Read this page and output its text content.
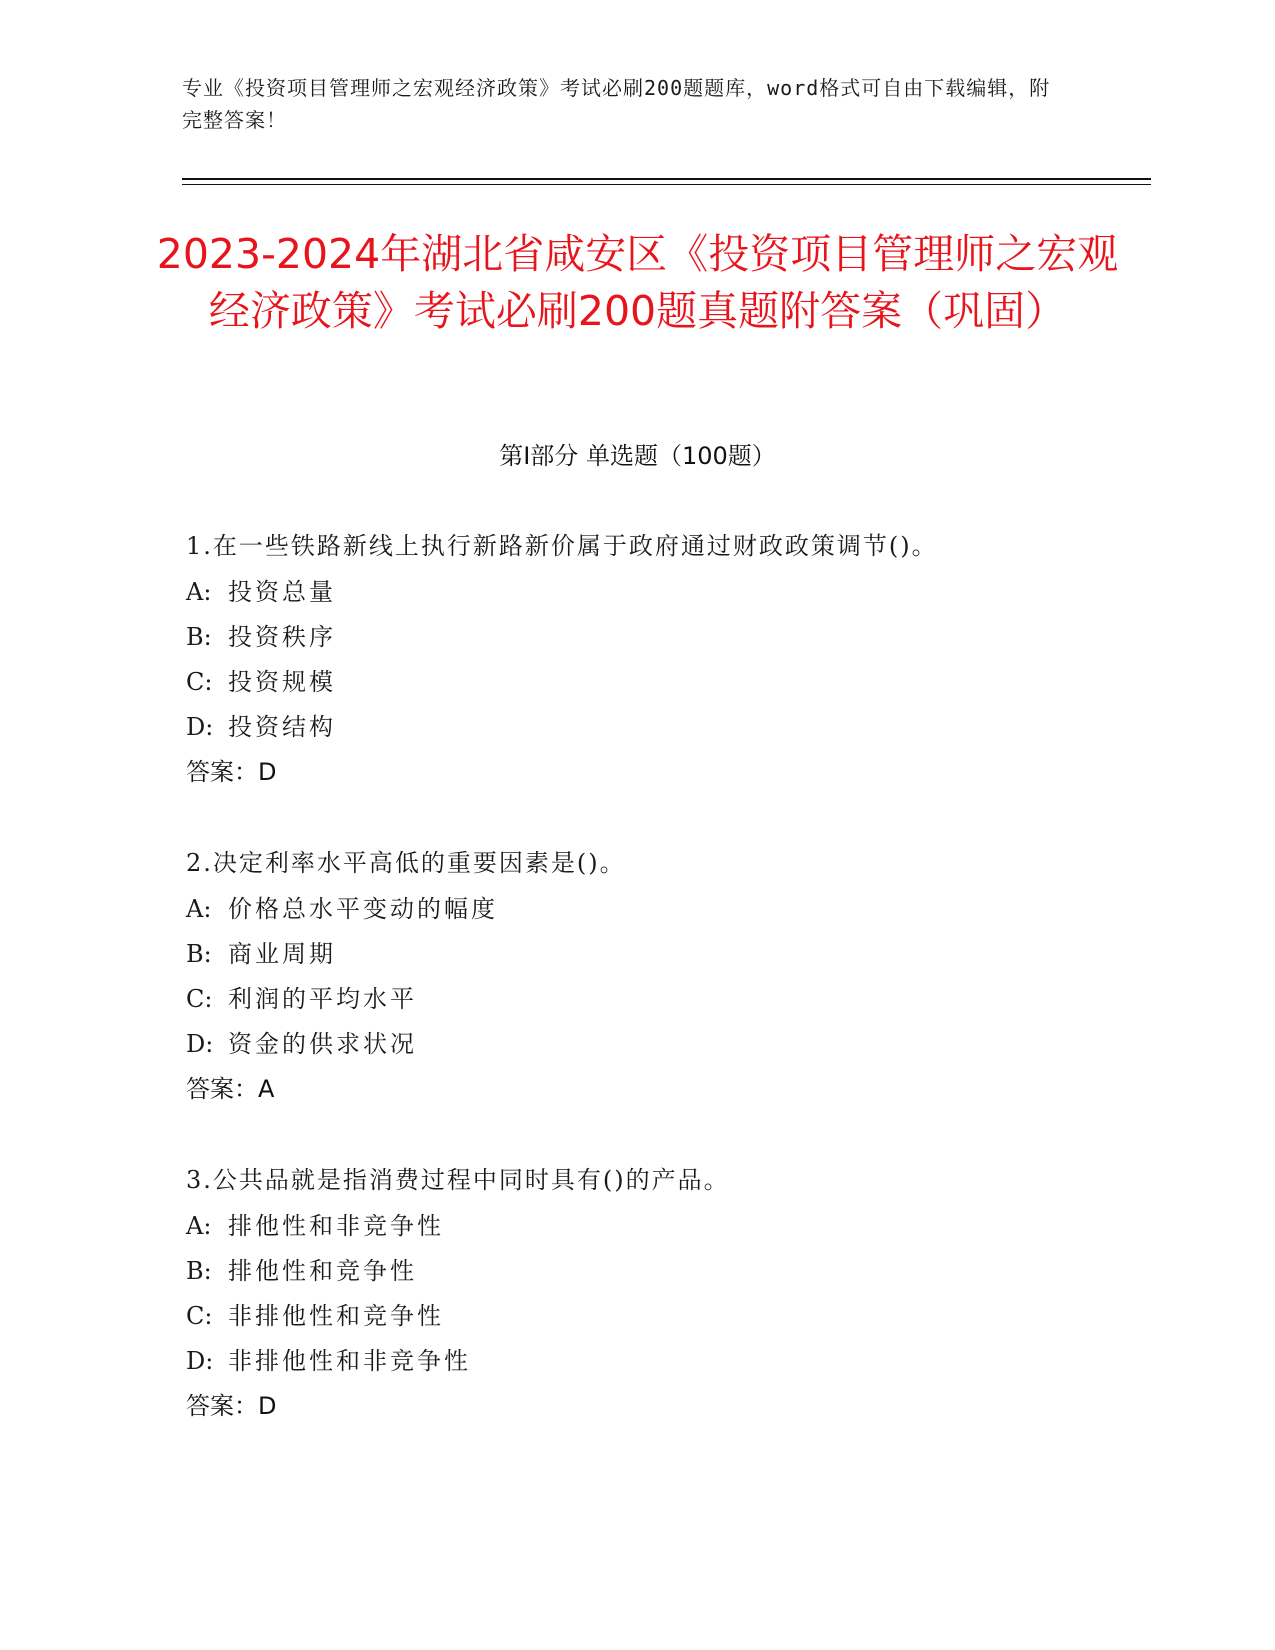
专业《投资项目管理师之宏观经济政策》考试必刷200题题库，word格式可自由下载编辑，附完整答案！
2023-2024年湖北省咸安区《投资项目管理师之宏观经济政策》考试必刷200题真题附答案（巩固）
第Ⅰ部分 单选题（100题）
1.在一些铁路新线上执行新路新价属于政府通过财政政策调节()。
A: 投资总量
B: 投资秩序
C: 投资规模
D: 投资结构
答案：D
2.决定利率水平高低的重要因素是()。
A: 价格总水平变动的幅度
B: 商业周期
C: 利润的平均水平
D: 资金的供求状况
答案：A
3.公共品就是指消费过程中同时具有()的产品。
A: 排他性和非竞争性
B: 排他性和竞争性
C: 非排他性和竞争性
D: 非排他性和非竞争性
答案：D
